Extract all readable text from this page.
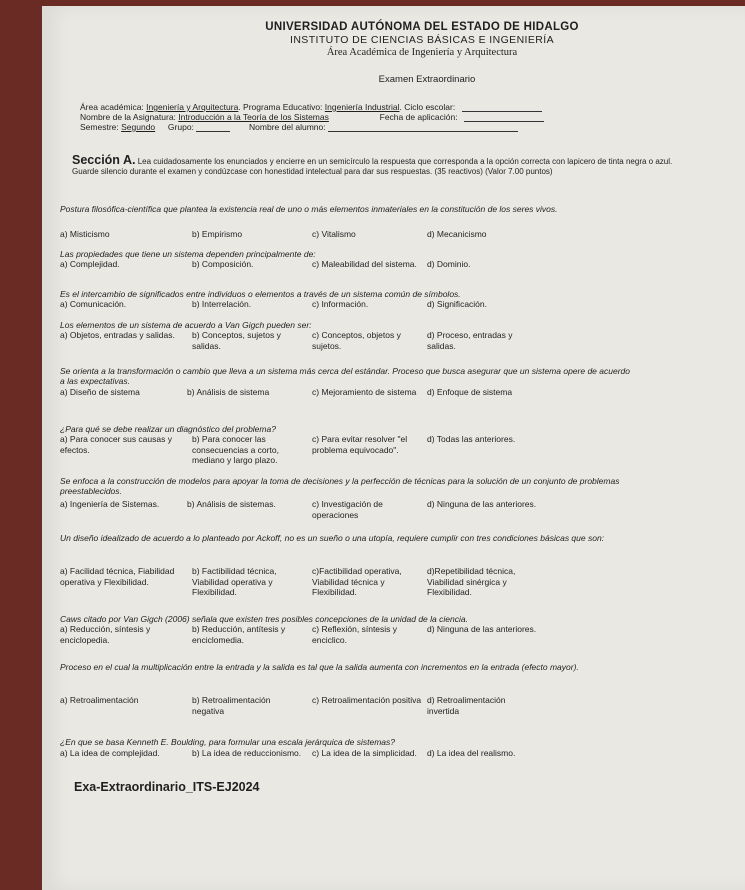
UNIVERSIDAD AUTÓNOMA DEL ESTADO DE HIDALGO
INSTITUTO DE CIENCIAS BÁSICAS E INGENIERÍA
Área Académica de Ingeniería y Arquitectura
Examen Extraordinario
Área académica: Ingeniería y Arquitectura. Programa Educativo: Ingeniería Industrial. Ciclo escolar:
Nombre de la Asignatura: Introducción a la Teoría de los Sistemas	Fecha de aplicación:
Semestre: Segundo Grupo:	Nombre del alumno:
Sección A. Lea cuidadosamente los enunciados y encierre en un semicírculo la respuesta que corresponda a la opción correcta con lapicero de tinta negra o azul. Guarde silencio durante el examen y condúzcase con honestidad intelectual para dar sus respuestas. (35 reactivos) (Valor 7.00 puntos)
Postura filosófica-científica que plantea la existencia real de uno o más elementos inmateriales en la constitución de los seres vivos.
a) Misticismo	b) Empirismo	c) Vitalismo	d) Mecanicismo
Las propiedades que tiene un sistema dependen principalmente de:
a) Complejidad.	b) Composición.	c) Maleabilidad del sistema. d) Dominio.
Es el intercambio de significados entre individuos o elementos a través de un sistema común de símbolos.
a) Comunicación.	b) Interrelación.	c) Información.	d) Significación.
Los elementos de un sistema de acuerdo a Van Gigch pueden ser:
a) Objetos, entradas y salidas.	b) Conceptos, sujetos y salidas.
c) Conceptos, objetos y sujetos.
d) Proceso, entradas y salidas.
Se orienta a la transformación o cambio que lleva a un sistema más cerca del estándar. Proceso que busca asegurar que un sistema opere de acuerdo a las expectativas.
a) Diseño de sistema	b) Análisis de sistema	c) Mejoramiento de sistema	d) Enfoque de sistema
¿Para qué se debe realizar un diagnóstico del problema?
a) Para conocer sus causas y efectos.
b) Para conocer las consecuencias a corto, mediano y largo plazo.
c) Para evitar resolver "el problema equivocado".
d) Todas las anteriores.
Se enfoca a la construcción de modelos para apoyar la toma de decisiones y la perfección de técnicas para la solución de un conjunto de problemas preestablecidos.
a) Ingeniería de Sistemas.	b) Análisis de sistemas.	c) Investigación de operaciones
d) Ninguna de las anteriores.
Un diseño idealizado de acuerdo a lo planteado por Ackoff, no es un sueño o una utopía, requiere cumplir con tres condiciones básicas que son:
a) Facilidad técnica, Fiabilidad operativa y Flexibilidad.
b) Factibilidad técnica, Viabilidad operativa y Flexibilidad.
c)Factibilidad operativa, Viabilidad técnica y Flexibilidad.
d)Repetibilidad técnica, Viabilidad sinérgica y Flexibilidad.
Caws citado por Van Gigch (2006) señala que existen tres posibles concepciones de la unidad de la ciencia.
a) Reducción, síntesis y enciclopedia.
b) Reducción, antítesis y enciclomedia.
c) Reflexión, síntesis y enciclico.
d) Ninguna de las anteriores.
Proceso en el cual la multiplicación entre la entrada y la salida es tal que la salida aumenta con incrementos en la entrada (efecto mayor).
a) Retroalimentación	b) Retroalimentación negativa
c) Retroalimentación positiva d) Retroalimentación invertida
¿En que se basa Kenneth E. Boulding, para formular una escala jerárquica de sistemas?
a) La idea de complejidad.	b) La idea de reduccionismo. c) La idea de la simplicidad.	d) La idea del realismo.
Exa-Extraordinario_ITS-EJ2024
